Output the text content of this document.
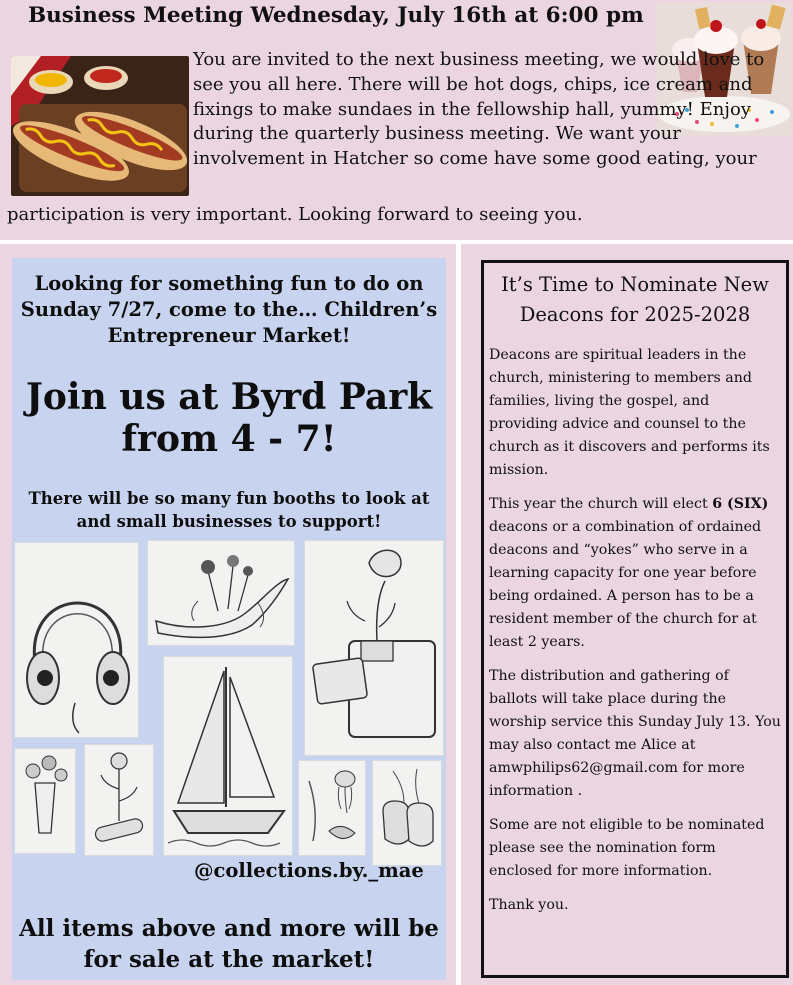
Business Meeting Wednesday, July 16th at 6:00 pm
You are invited to the next business meeting, we would love to see you all here. There will be hot dogs, chips, ice cream and fixings to make sundaes in the fellowship hall, yummy! Enjoy during the quarterly business meeting. We want your involvement in Hatcher so come have some good eating, your
participation is very important. Looking forward to seeing you.
Looking for something fun to do on Sunday 7/27, come to the… Children’s Entrepreneur Market!
Join us at Byrd Park from 4 - 7!
There will be so many fun booths to look at and small businesses to support!
@collections.by._mae
All items above and more will be for sale at the market!
It’s Time to Nominate New Deacons for 2025-2028

Deacons are spiritual leaders in the church, ministering to members and families, living the gospel, and providing advice and counsel to the church as it discovers and performs its mission.

This year the church will elect 6 (SIX) deacons or a combination of ordained deacons and “yokes” who serve in a learning capacity for one year before being ordained. A person has to be a resident member of the church for at least 2 years.

The distribution and gathering of ballots will take place during the worship service this Sunday July 13. You may also contact me Alice at amwphilips62@gmail.com for more information .

Some are not eligible to be nominated please see the nomination form enclosed for more information.

Thank you.
